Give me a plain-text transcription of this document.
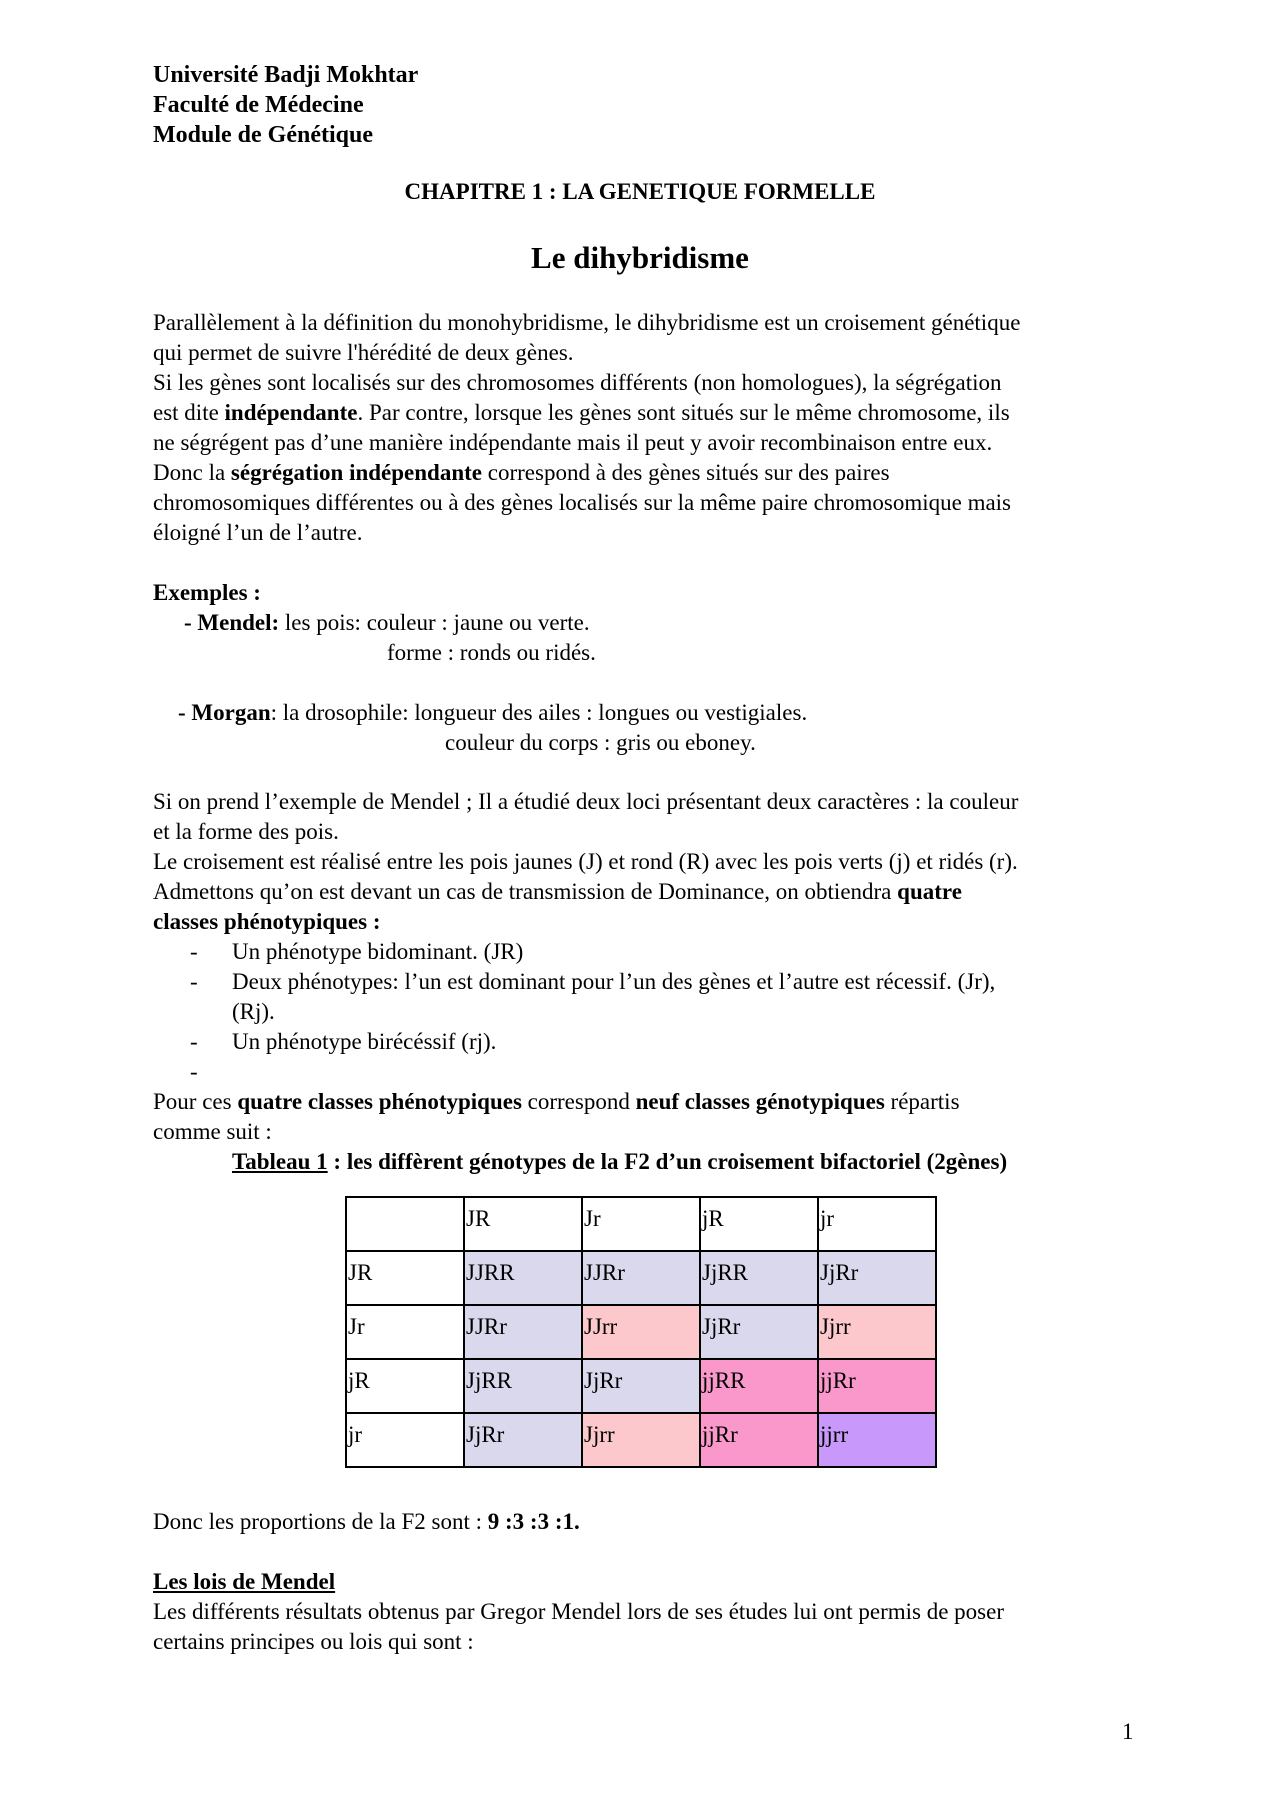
Université Badji Mokhtar
Faculté de Médecine
Module de Génétique
CHAPITRE 1 : LA GENETIQUE FORMELLE
Le dihybridisme
Parallèlement à la définition du monohybridisme, le dihybridisme est un croisement génétique
qui permet de suivre l'hérédité de deux gènes.
Si les gènes sont localisés sur des chromosomes différents (non homologues), la ségrégation
est dite indépendante. Par contre, lorsque les gènes sont situés sur le même chromosome, ils
ne ségrégent pas d’une manière indépendante mais il peut y avoir recombinaison entre eux.
Donc la ségrégation indépendante correspond à des gènes situés sur des paires
chromosomiques différentes ou à des gènes localisés sur la même paire chromosomique mais
éloigné l’un de l’autre.
Exemples :
- Mendel: les pois: couleur : jaune ou verte.
forme : ronds ou ridés.
- Morgan: la drosophile: longueur des ailes : longues ou vestigiales.
couleur du corps : gris ou eboney.
Si on prend l’exemple de Mendel ; Il a étudié deux loci présentant deux caractères : la couleur
et la forme des pois.
Le croisement est réalisé entre les pois jaunes (J) et rond (R) avec les pois verts (j) et ridés (r).
Admettons qu’on est devant un cas de transmission de Dominance, on obtiendra quatre
classes phénotypiques :
- Un phénotype bidominant. (JR)
- Deux phénotypes: l’un est dominant pour l’un des gènes et l’autre est récessif. (Jr),
(Rj).
- Un phénotype birécéssif (rj).
-
Pour ces quatre classes phénotypiques correspond neuf classes génotypiques répartis
comme suit :
Tableau 1 : les diffèrent génotypes de la F2 d’un croisement bifactoriel (2gènes)

	JR	Jr	jR	jr

JR	JJRR	JJRr	JjRR	JjRr

Jr	JJRr	JJrr	JjRr	Jjrr

jR	JjRR	JjRr	jjRR	jjRr

jr	JjRr	Jjrr	jjRr	jjrr
Donc les proportions de la F2 sont : 9 :3 :3 :1.
Les lois de Mendel
Les différents résultats obtenus par Gregor Mendel lors de ses études lui ont permis de poser
certains principes ou lois qui sont :
1
